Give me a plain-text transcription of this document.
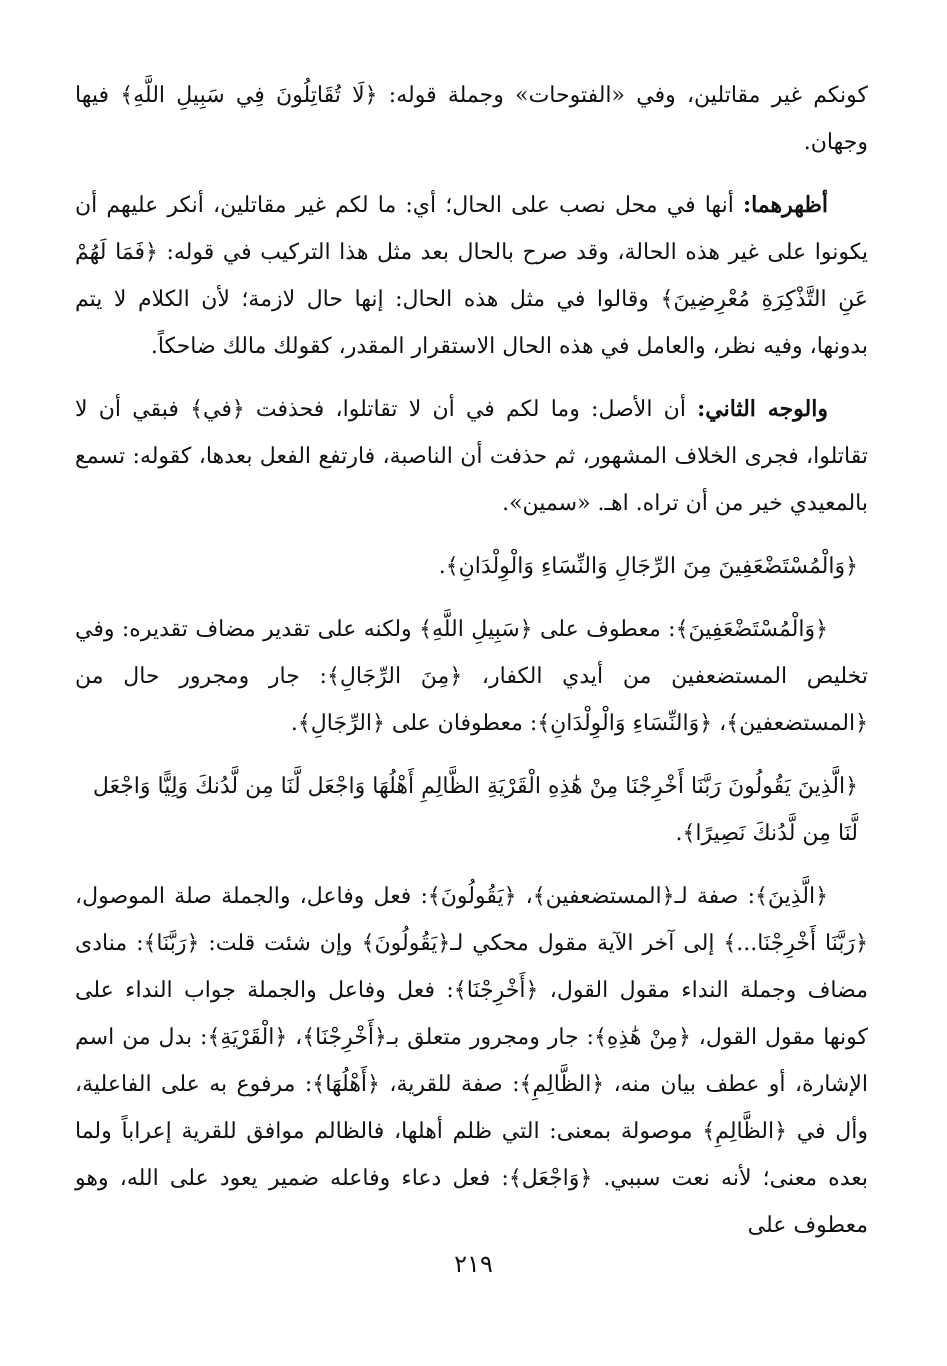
كونكم غير مقاتلين، وفي «الفتوحات» وجملة قوله: ﴿لَا تُقَاتِلُونَ فِي سَبِيلِ اللَّهِ﴾ فيها وجهان.

أظهرهما: أنها في محل نصب على الحال؛ أي: ما لكم غير مقاتلين، أنكر عليهم أن يكونوا على غير هذه الحالة، وقد صرح بالحال بعد مثل هذا التركيب في قوله: ﴿فَمَا لَهُمْ عَنِ التَّذْكِرَةِ مُعْرِضِينَ﴾ وقالوا في مثل هذه الحال: إنها حال لازمة؛ لأن الكلام لا يتم بدونها، وفيه نظر، والعامل في هذه الحال الاستقرار المقدر، كقولك مالك ضاحكاً.

والوجه الثاني: أن الأصل: وما لكم في أن لا تقاتلوا، فحذفت ﴿في﴾ فبقي أن لا تقاتلوا، فجرى الخلاف المشهور، ثم حذفت أن الناصبة، فارتفع الفعل بعدها، كقوله: تسمع بالمعيدي خير من أن تراه. اهـ. «سمين».

﴿وَالْمُسْتَضْعَفِينَ مِنَ الرِّجَالِ وَالنِّسَاءِ وَالْوِلْدَانِ﴾.

﴿وَالْمُسْتَضْعَفِينَ﴾: معطوف على ﴿سَبِيلِ اللَّهِ﴾ ولكنه على تقدير مضاف تقديره: وفي تخليص المستضعفين من أيدي الكفار، ﴿مِنَ الرِّجَالِ﴾: جار ومجرور حال من ﴿المستضعفين﴾، ﴿وَالنِّسَاءِ وَالْوِلْدَانِ﴾: معطوفان على ﴿الرِّجَالِ﴾.

﴿الَّذِينَ يَقُولُونَ رَبَّنَا أَخْرِجْنَا مِنْ هَٰذِهِ الْقَرْيَةِ الظَّالِمِ أَهْلُهَا وَاجْعَل لَّنَا مِن لَّدُنكَ وَلِيًّا وَاجْعَل لَّنَا مِن لَّدُنكَ نَصِيرًا﴾.

﴿الَّذِينَ﴾: صفة لـ﴿المستضعفين﴾، ﴿يَقُولُونَ﴾: فعل وفاعل، والجملة صلة الموصول، ﴿رَبَّنَا أَخْرِجْنَا...﴾ إلى آخر الآية مقول محكي لـ﴿يَقُولُونَ﴾ وإن شئت قلت: ﴿رَبَّنَا﴾: منادى مضاف وجملة النداء مقول القول، ﴿أَخْرِجْنَا﴾: فعل وفاعل والجملة جواب النداء على كونها مقول القول، ﴿مِنْ هَٰذِهِ﴾: جار ومجرور متعلق بـ﴿أَخْرِجْنَا﴾، ﴿الْقَرْيَةِ﴾: بدل من اسم الإشارة، أو عطف بيان منه، ﴿الظَّالِمِ﴾: صفة للقرية، ﴿أَهْلُهَا﴾: مرفوع به على الفاعلية، وأل في ﴿الظَّالِمِ﴾ موصولة بمعنى: التي ظلم أهلها، فالظالم موافق للقرية إعراباً ولما بعده معنى؛ لأنه نعت سببي. ﴿وَاجْعَل﴾: فعل دعاء وفاعله ضمير يعود على الله، وهو معطوف على

٢١٩
